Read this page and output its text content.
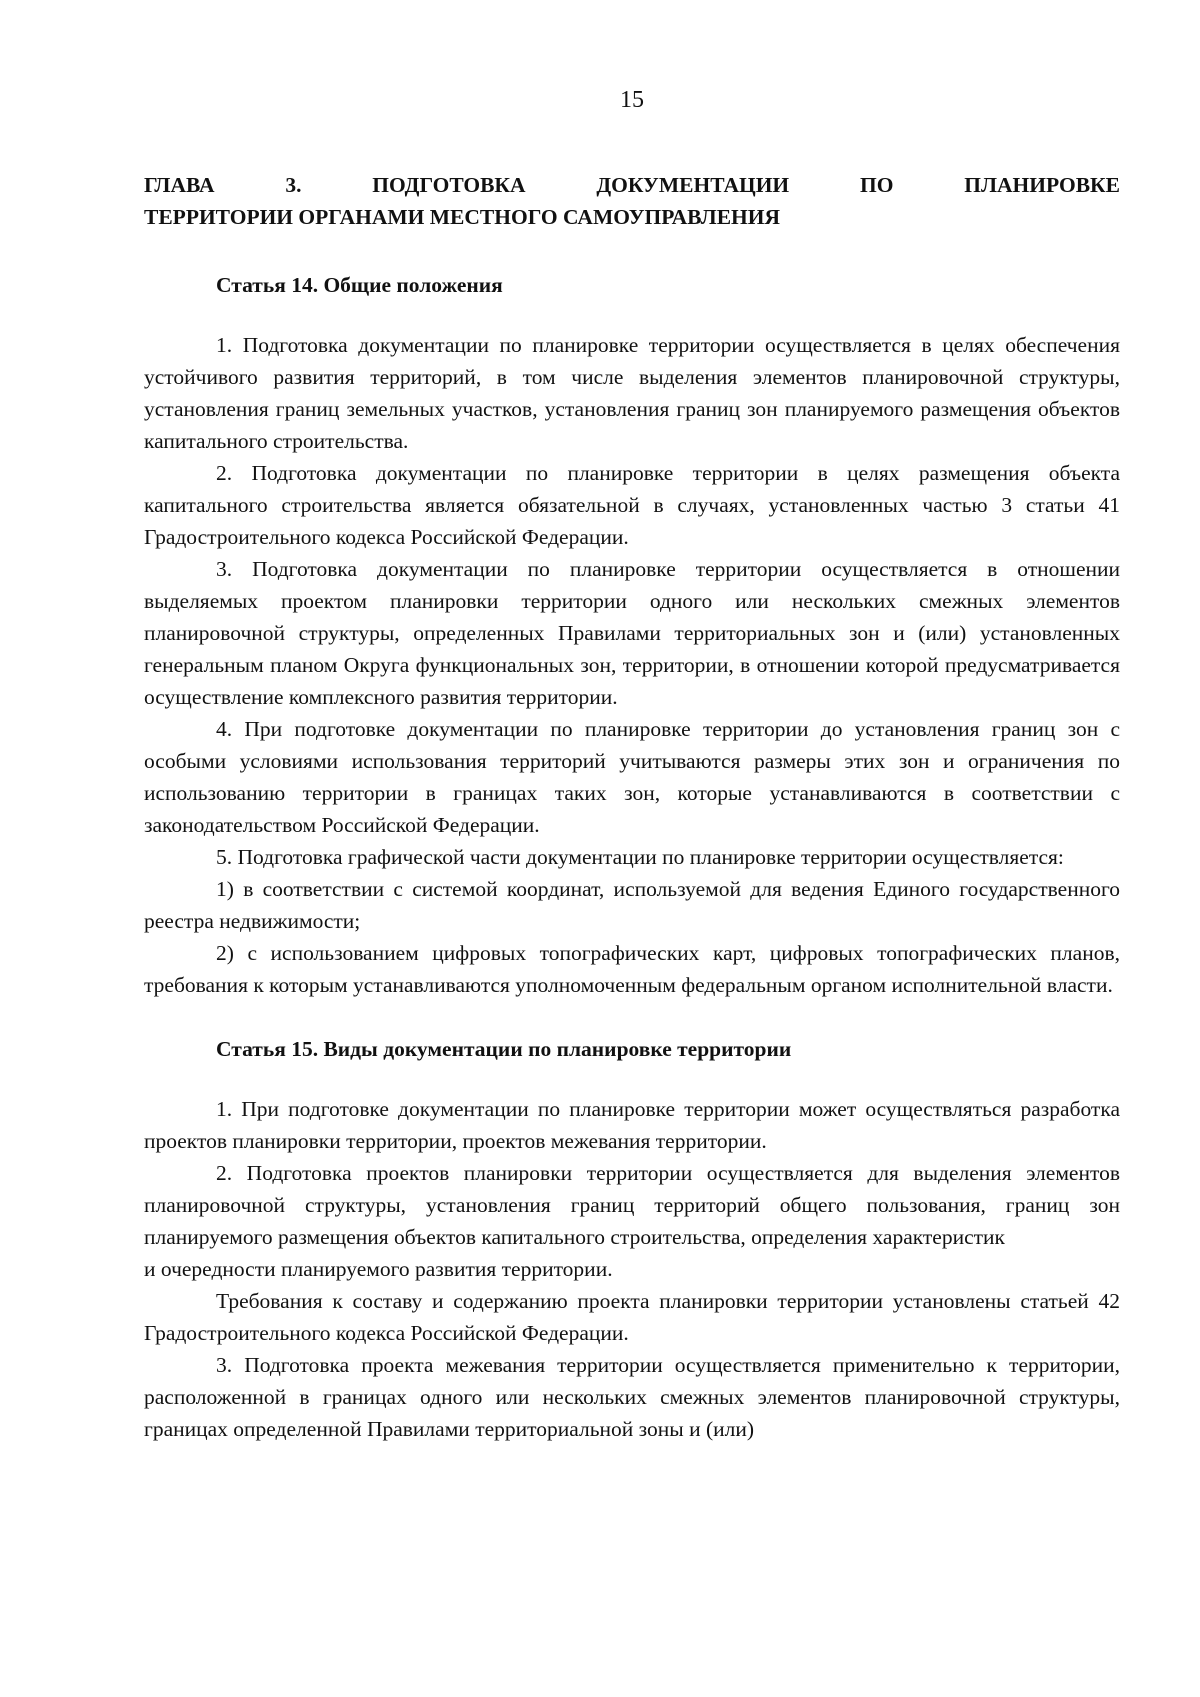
15
ГЛАВА 3. ПОДГОТОВКА ДОКУМЕНТАЦИИ ПО ПЛАНИРОВКЕ
ТЕРРИТОРИИ ОРГАНАМИ МЕСТНОГО САМОУПРАВЛЕНИЯ
Статья 14. Общие положения

1. Подготовка документации по планировке территории осуществляется в целях обеспечения устойчивого развития территорий, в том числе выделения элементов планировочной структуры, установления границ земельных участков, установления границ зон планируемого размещения объектов капитального строительства.

2. Подготовка документации по планировке территории в целях размещения объекта капитального строительства является обязательной в случаях, установленных частью 3 статьи 41 Градостроительного кодекса Российской Федерации.

3. Подготовка документации по планировке территории осуществляется в отношении выделяемых проектом планировки территории одного или нескольких смежных элементов планировочной структуры, определенных Правилами территориальных зон и (или) установленных генеральным планом Округа функциональных зон, территории, в отношении которой предусматривается осуществление комплексного развития территории.

4. При подготовке документации по планировке территории до установления границ зон с особыми условиями использования территорий учитываются размеры этих зон и ограничения по использованию территории в границах таких зон, которые устанавливаются в соответствии с законодательством Российской Федерации.

5. Подготовка графической части документации по планировке территории осуществляется:

1) в соответствии с системой координат, используемой для ведения Единого государственного реестра недвижимости;

2) с использованием цифровых топографических карт, цифровых топографических планов, требования к которым устанавливаются уполномоченным федеральным органом исполнительной власти.

Статья 15. Виды документации по планировке территории

1. При подготовке документации по планировке территории может осуществляться разработка проектов планировки территории, проектов межевания территории.

2. Подготовка проектов планировки территории осуществляется для выделения элементов планировочной структуры, установления границ территорий общего пользования, границ зон планируемого размещения объектов капитального строительства, определения характеристик

и очередности планируемого развития территории.

Требования к составу и содержанию проекта планировки территории установлены статьей 42 Градостроительного кодекса Российской Федерации.

3. Подготовка проекта межевания территории осуществляется применительно к территории, расположенной в границах одного или нескольких смежных элементов планировочной структуры, границах определенной Правилами территориальной зоны и (или)
